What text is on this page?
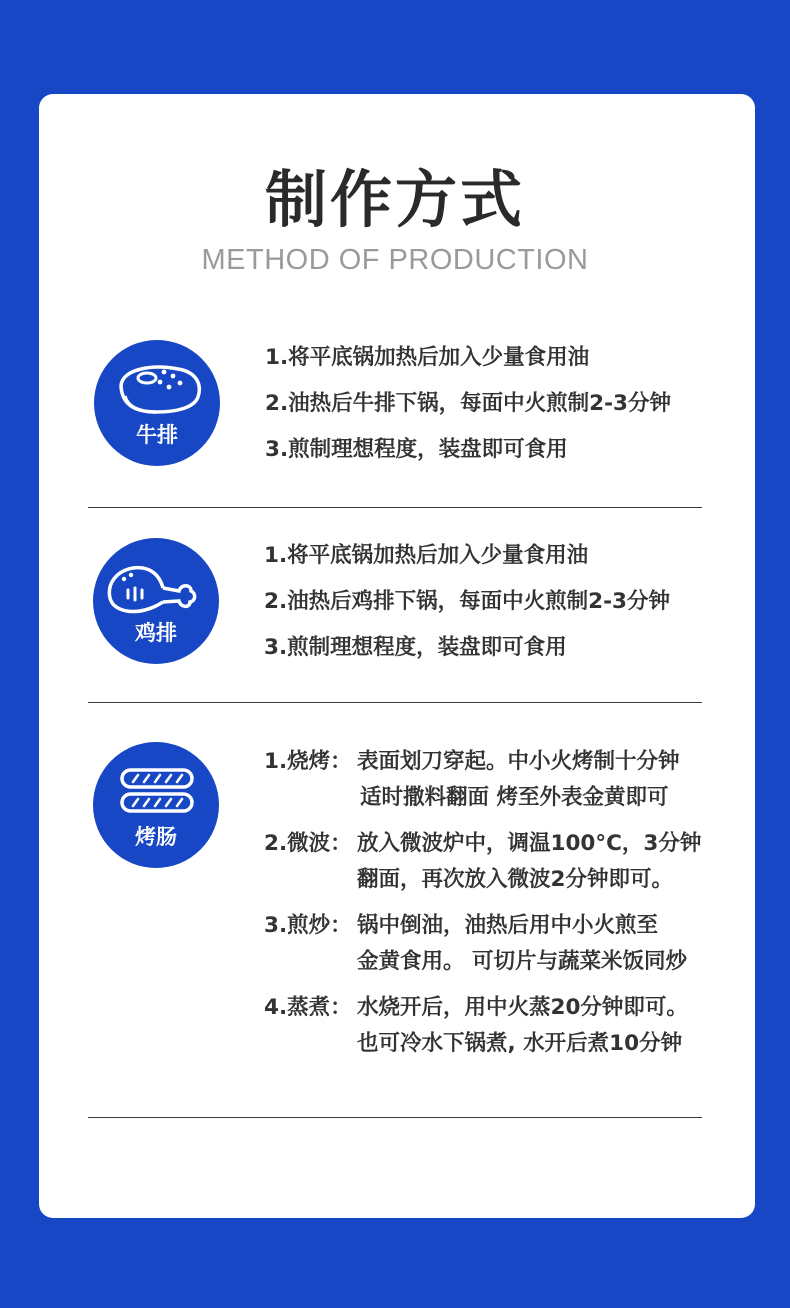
制作方式
METHOD OF PRODUCTION
牛排
1.将平底锅加热后加入少量食用油
2.油热后牛排下锅，每面中火煎制2-3分钟
3.煎制理想程度，装盘即可食用
鸡排
1.将平底锅加热后加入少量食用油
2.油热后鸡排下锅，每面中火煎制2-3分钟
3.煎制理想程度，装盘即可食用
烤肠
1.烧烤： 表面划刀穿起。中小火烤制十分钟
适时撒料翻面 烤至外表金黄即可
2.微波： 放入微波炉中，调温100°C，3分钟
翻面，再次放入微波2分钟即可。
3.煎炒： 锅中倒油，油热后用中小火煎至
金黄食用。 可切片与蔬菜米饭同炒
4.蒸煮： 水烧开后，用中火蒸20分钟即可。
也可冷水下锅煮, 水开后煮10分钟
